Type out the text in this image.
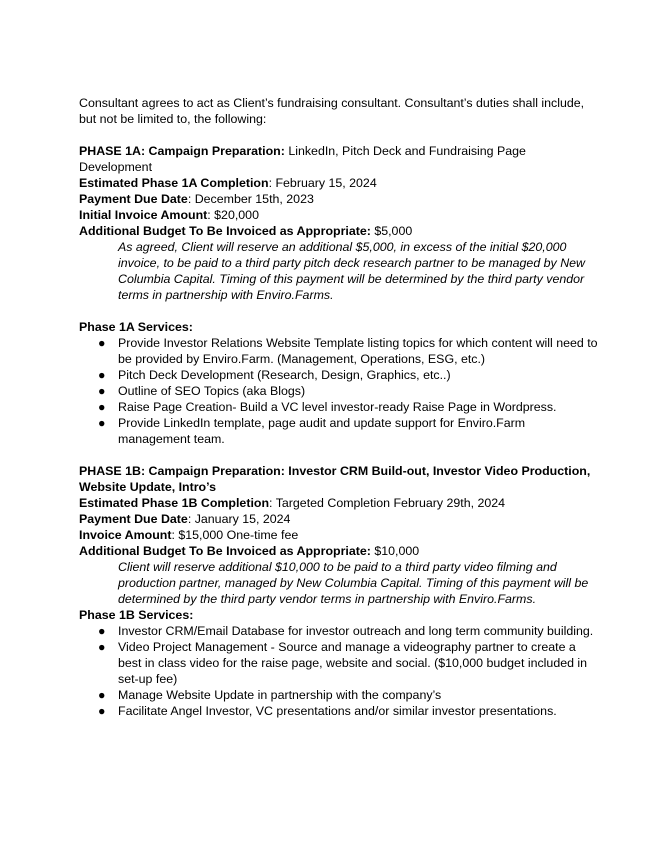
Consultant agrees to act as Client’s fundraising consultant. Consultant’s duties shall include, but not be limited to, the following:

PHASE 1A: Campaign Preparation: LinkedIn, Pitch Deck and Fundraising Page Development

Estimated Phase 1A Completion: February 15, 2024

Payment Due Date: December 15th, 2023

Initial Invoice Amount: $20,000

Additional Budget To Be Invoiced as Appropriate: $5,000

As agreed, Client will reserve an additional $5,000, in excess of the initial $20,000 invoice, to be paid to a third party pitch deck research partner to be managed by New Columbia Capital. Timing of this payment will be determined by the third party vendor terms in partnership with Enviro.Farms.

Phase 1A Services:

● Provide Investor Relations Website Template listing topics for which content will need to be provided by Enviro.Farm. (Management, Operations, ESG, etc.)
● Pitch Deck Development (Research, Design, Graphics, etc..)
● Outline of SEO Topics (aka Blogs)
● Raise Page Creation- Build a VC level investor-ready Raise Page in Wordpress.
● Provide LinkedIn template, page audit and update support for Enviro.Farm management team.

PHASE 1B: Campaign Preparation: Investor CRM Build-out, Investor Video Production, Website Update, Intro’s

Estimated Phase 1B Completion: Targeted Completion February 29th, 2024

Payment Due Date: January 15, 2024

Invoice Amount: $15,000 One-time fee

Additional Budget To Be Invoiced as Appropriate: $10,000

Client will reserve additional $10,000 to be paid to a third party video filming and production partner, managed by New Columbia Capital. Timing of this payment will be determined by the third party vendor terms in partnership with Enviro.Farms.

Phase 1B Services:

● Investor CRM/Email Database for investor outreach and long term community building.
● Video Project Management - Source and manage a videography partner to create a best in class video for the raise page, website and social. ($10,000 budget included in set-up fee)
● Manage Website Update in partnership with the company’s
● Facilitate Angel Investor, VC presentations and/or similar investor presentations.
